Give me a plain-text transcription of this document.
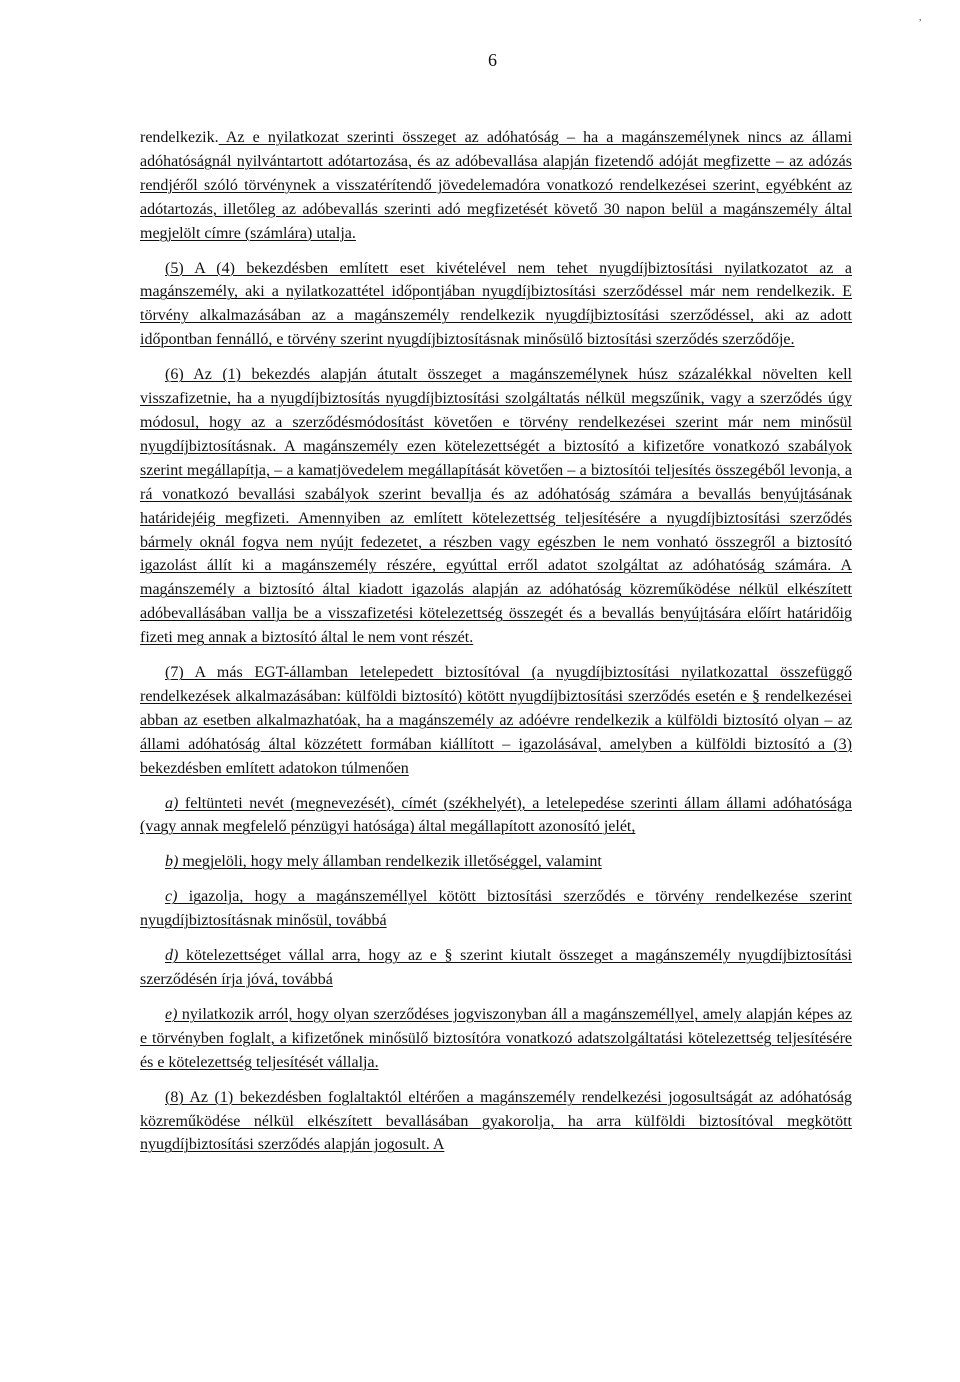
6
,

rendelkezik. Az e nyilatkozat szerinti összeget az adóhatóság – ha a magánszemélynek nincs az állami adóhatóságnál nyilvántartott adótartozása, és az adóbevallása alapján fizetendő adóját megfizette – az adózás rendjéről szóló törvénynek a visszatérítendő jövedelemadóra vonatkozó rendelkezései szerint, egyébként az adótartozás, illetőleg az adóbevallás szerinti adó megfizetését követő 30 napon belül a magánszemély által megjelölt címre (számlára) utalja.

(5) A (4) bekezdésben említett eset kivételével nem tehet nyugdíjbiztosítási nyilatkozatot az a magánszemély, aki a nyilatkozattétel időpontjában nyugdíjbiztosítási szerződéssel már nem rendelkezik. E törvény alkalmazásában az a magánszemély rendelkezik nyugdíjbiztosítási szerződéssel, aki az adott időpontban fennálló, e törvény szerint nyugdíjbiztosításnak minősülő biztosítási szerződés szerződője.

(6) Az (1) bekezdés alapján átutalt összeget a magánszemélynek húsz százalékkal növelten kell visszafizetnie, ha a nyugdíjbiztosítás nyugdíjbiztosítási szolgáltatás nélkül megszűnik, vagy a szerződés úgy módosul, hogy az a szerződésmódosítást követően e törvény rendelkezései szerint már nem minősül nyugdíjbiztosításnak. A magánszemély ezen kötelezettségét a biztosító a kifizetőre vonatkozó szabályok szerint megállapítja, – a kamatjövedelem megállapítását követően – a biztosítói teljesítés összegéből levonja, a rá vonatkozó bevallási szabályok szerint bevallja és az adóhatóság számára a bevallás benyújtásának határidejéig megfizeti. Amennyiben az említett kötelezettség teljesítésére a nyugdíjbiztosítási szerződés bármely oknál fogva nem nyújt fedezetet, a részben vagy egészben le nem vonható összegről a biztosító igazolást állít ki a magánszemély részére, egyúttal erről adatot szolgáltat az adóhatóság számára. A magánszemély a biztosító által kiadott igazolás alapján az adóhatóság közreműködése nélkül elkészített adóbevallásában vallja be a visszafizetési kötelezettség összegét és a bevallás benyújtására előírt határidőig fizeti meg annak a biztosító által le nem vont részét.

(7) A más EGT-államban letelepedett biztosítóval (a nyugdíjbiztosítási nyilatkozattal összefüggő rendelkezések alkalmazásában: külföldi biztosító) kötött nyugdíjbiztosítási szerződés esetén e § rendelkezései abban az esetben alkalmazhatóak, ha a magánszemély az adóévre rendelkezik a külföldi biztosító olyan – az állami adóhatóság által közzétett formában kiállított – igazolásával, amelyben a külföldi biztosító a (3) bekezdésben említett adatokon túlmenően

a) feltünteti nevét (megnevezését), címét (székhelyét), a letelepedése szerinti állam állami adóhatósága (vagy annak megfelelő pénzügyi hatósága) által megállapított azonosító jelét,

b) megjelöli, hogy mely államban rendelkezik illetőséggel, valamint

c) igazolja, hogy a magánszeméllyel kötött biztosítási szerződés e törvény rendelkezése szerint nyugdíjbiztosításnak minősül, továbbá

d) kötelezettséget vállal arra, hogy az e § szerint kiutalt összeget a magánszemély nyugdíjbiztosítási szerződésén írja jóvá, továbbá

e) nyilatkozik arról, hogy olyan szerződéses jogviszonyban áll a magánszeméllyel, amely alapján képes az e törvényben foglalt, a kifizetőnek minősülő biztosítóra vonatkozó adatszolgáltatási kötelezettség teljesítésére és e kötelezettség teljesítését vállalja.

(8) Az (1) bekezdésben foglaltaktól eltérően a magánszemély rendelkezési jogosultságát az adóhatóság közreműködése nélkül elkészített bevallásában gyakorolja, ha arra külföldi biztosítóval megkötött nyugdíjbiztosítási szerződés alapján jogosult. A
